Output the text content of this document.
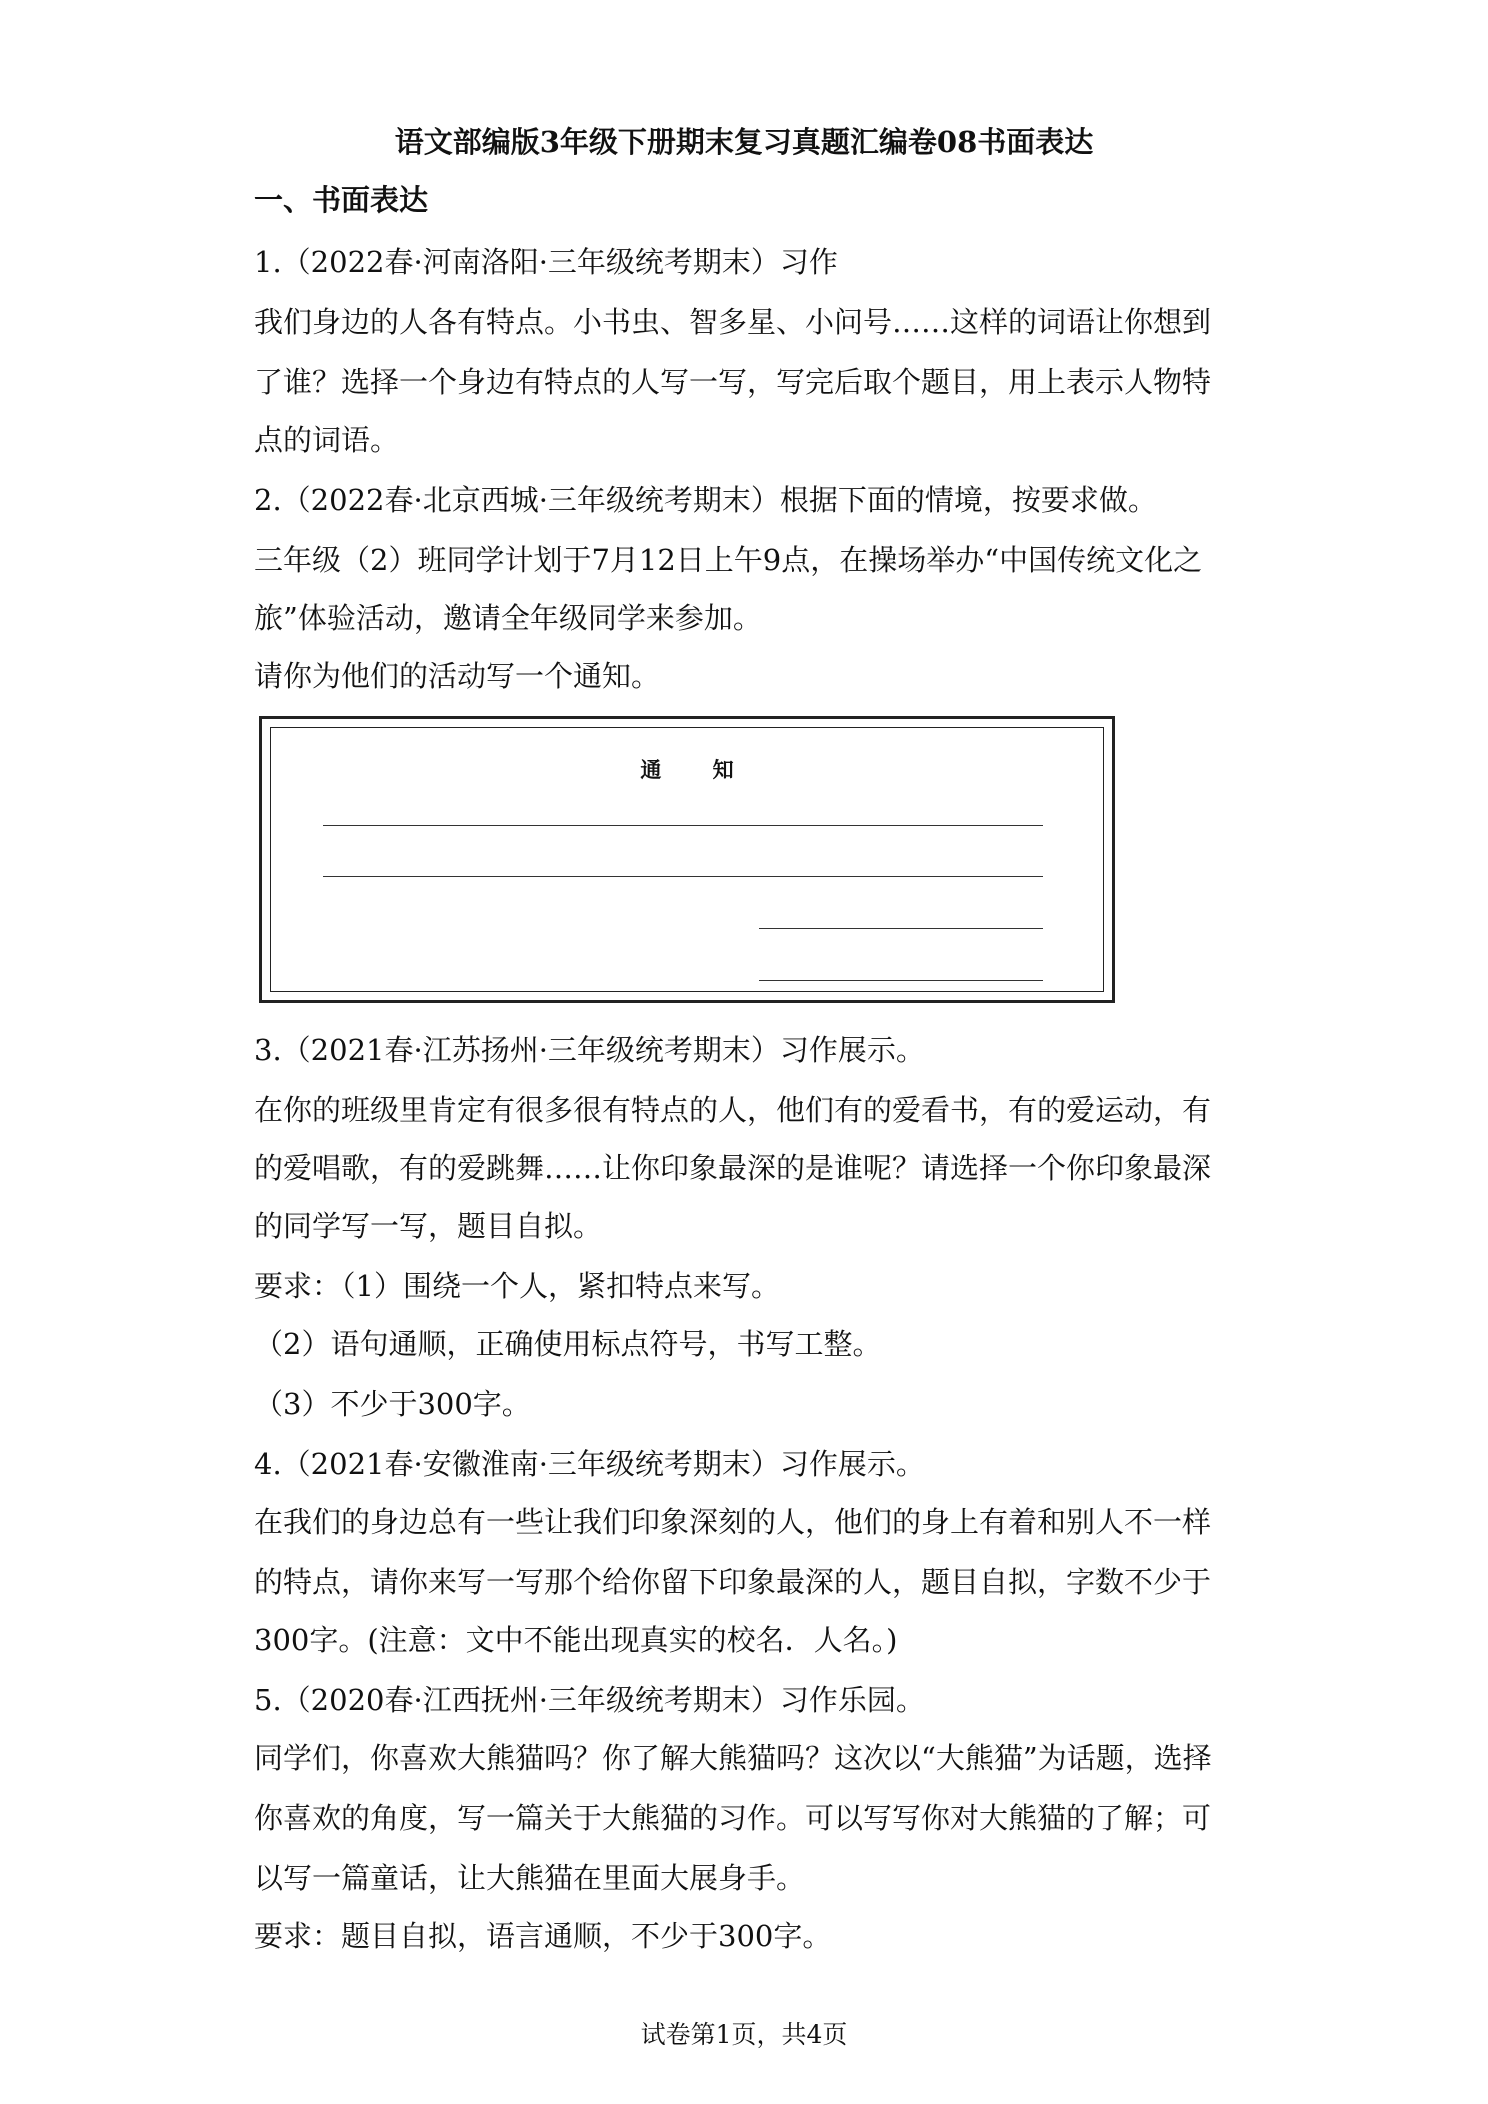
语文部编版3年级下册期末复习真题汇编卷08书面表达
一、书面表达
1.（2022春·河南洛阳·三年级统考期末）习作
我们身边的人各有特点。小书虫、智多星、小问号……这样的词语让你想到
了谁？选择一个身边有特点的人写一写，写完后取个题目，用上表示人物特
点的词语。
2.（2022春·北京西城·三年级统考期末）根据下面的情境，按要求做。
三年级（2）班同学计划于7月12日上午9点，在操场举办“中国传统文化之
旅”体验活动，邀请全年级同学来参加。
请你为他们的活动写一个通知。
通 知
3.（2021春·江苏扬州·三年级统考期末）习作展示。
在你的班级里肯定有很多很有特点的人，他们有的爱看书，有的爱运动，有
的爱唱歌，有的爱跳舞……让你印象最深的是谁呢？请选择一个你印象最深
的同学写一写，题目自拟。
要求：（1）围绕一个人，紧扣特点来写。
（2）语句通顺，正确使用标点符号，书写工整。
（3）不少于300字。
4.（2021春·安徽淮南·三年级统考期末）习作展示。
在我们的身边总有一些让我们印象深刻的人，他们的身上有着和别人不一样
的特点，请你来写一写那个给你留下印象最深的人，题目自拟，字数不少于
300字。(注意：文中不能出现真实的校名．人名。)
5.（2020春·江西抚州·三年级统考期末）习作乐园。
同学们，你喜欢大熊猫吗？你了解大熊猫吗？这次以“大熊猫”为话题，选择
你喜欢的角度，写一篇关于大熊猫的习作。可以写写你对大熊猫的了解；可
以写一篇童话，让大熊猫在里面大展身手。
要求：题目自拟，语言通顺，不少于300字。
试卷第1页，共4页
